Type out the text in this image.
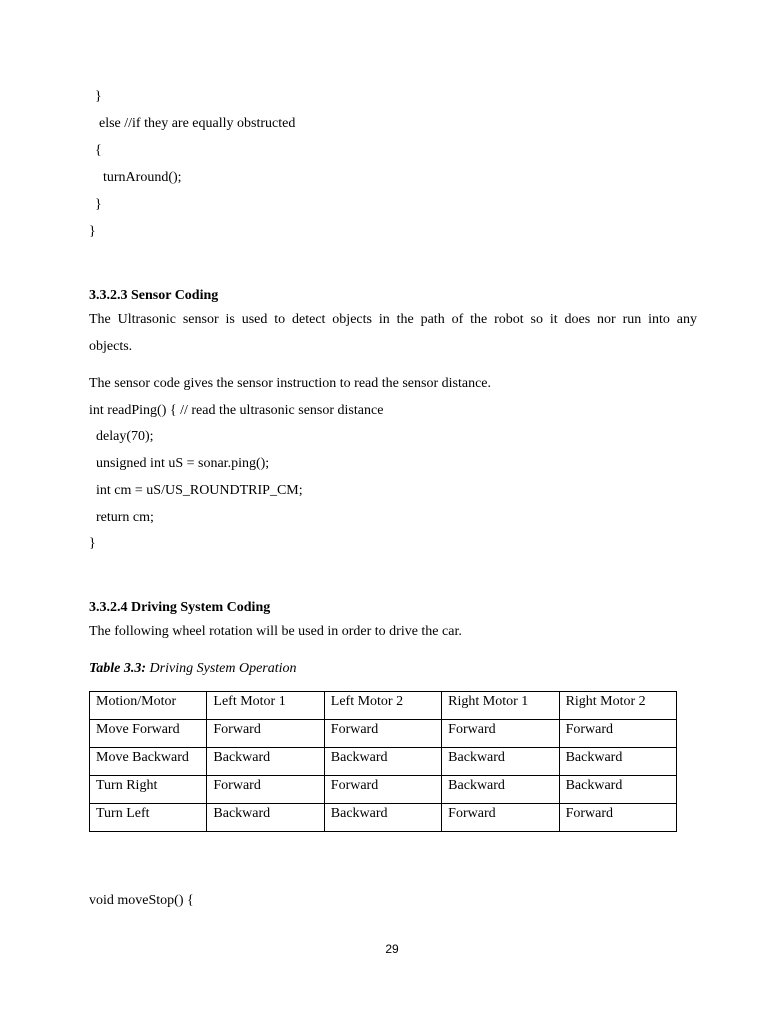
}
else //if they are equally obstructed
{
turnAround();
}
}
3.3.2.3 Sensor Coding
The Ultrasonic sensor is used to detect objects in the path of the robot so it does nor run into any
objects.
The sensor code gives the sensor instruction to read the sensor distance.
int readPing() { // read the ultrasonic sensor distance
delay(70);
unsigned int uS = sonar.ping();
int cm = uS/US_ROUNDTRIP_CM;
return cm;
}
3.3.2.4 Driving System Coding
The following wheel rotation will be used in order to drive the car.
Table 3.3: Driving System Operation
Motion/Motor	Left Motor 1	Left Motor 2	Right Motor 1	Right Motor 2
Move Forward	Forward	Forward	Forward	Forward
Move Backward	Backward	Backward	Backward	Backward
Turn Right	Forward	Forward	Backward	Backward
Turn Left	Backward	Backward	Forward	Forward
void moveStop() {
29
